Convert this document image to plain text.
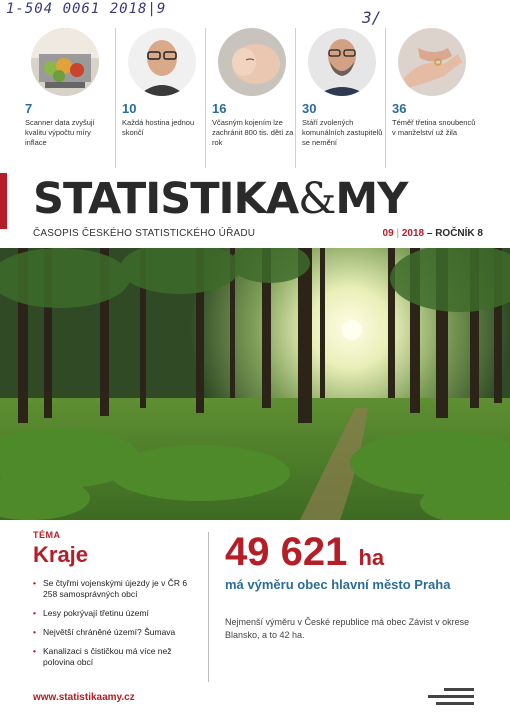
1-504 0061 2018|9	3/
7
Scanner data zvyšují kvalitu výpočtu míry inflace
10
Každá hostina jednou skončí
16
Včasným kojením lze zachránit 800 tis. dětí za rok
30
Stáří zvolených komunálních zastupitelů se nemění
36
Téměř třetina snoubenců v manželství už žila
STATISTIKA&MY
ČASOPIS ČESKÉHO STATISTICKÉHO ÚŘADU	09 | 2018 – ROČNÍK 8
TÉMA
Kraje
• Se čtyřmi vojenskými újezdy je v ČR 6 258 samosprávných obcí
• Lesy pokrývají třetinu území
• Největší chráněné území? Šumava
• Kanalizaci s čističkou má více než polovina obcí
49 621 ha
má výměru obec hlavní město Praha
Nejmenší výměru v České republice má obec Závist v okrese Blansko, a to 42 ha.
www.statistikaamy.cz
